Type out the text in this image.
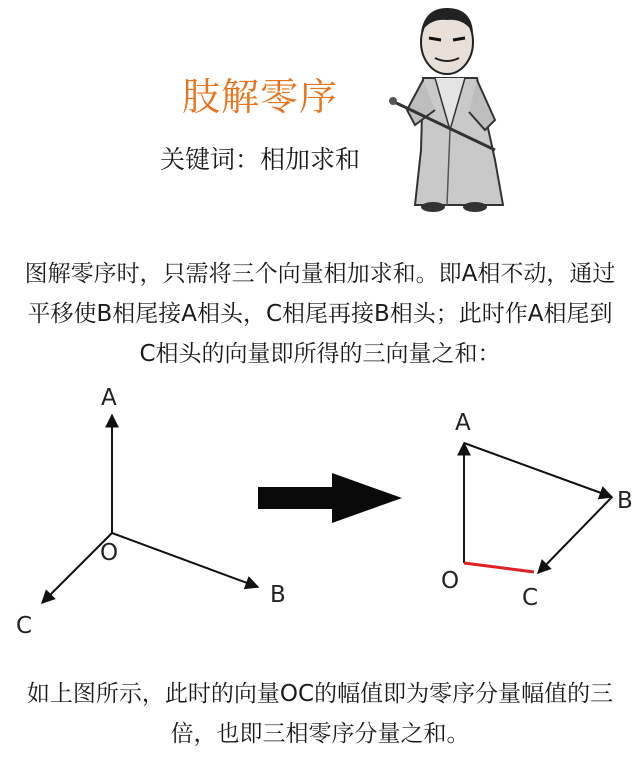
肢解零序
关键词：相加求和
图解零序时，只需将三个向量相加求和。即A相不动，通过
平移使B相尾接A相头，C相尾再接B相头；此时作A相尾到
C相头的向量即所得的三向量之和：
A
O
B
C
A
B
O
C
如上图所示，此时的向量OC的幅值即为零序分量幅值的三
倍，也即三相零序分量之和。
